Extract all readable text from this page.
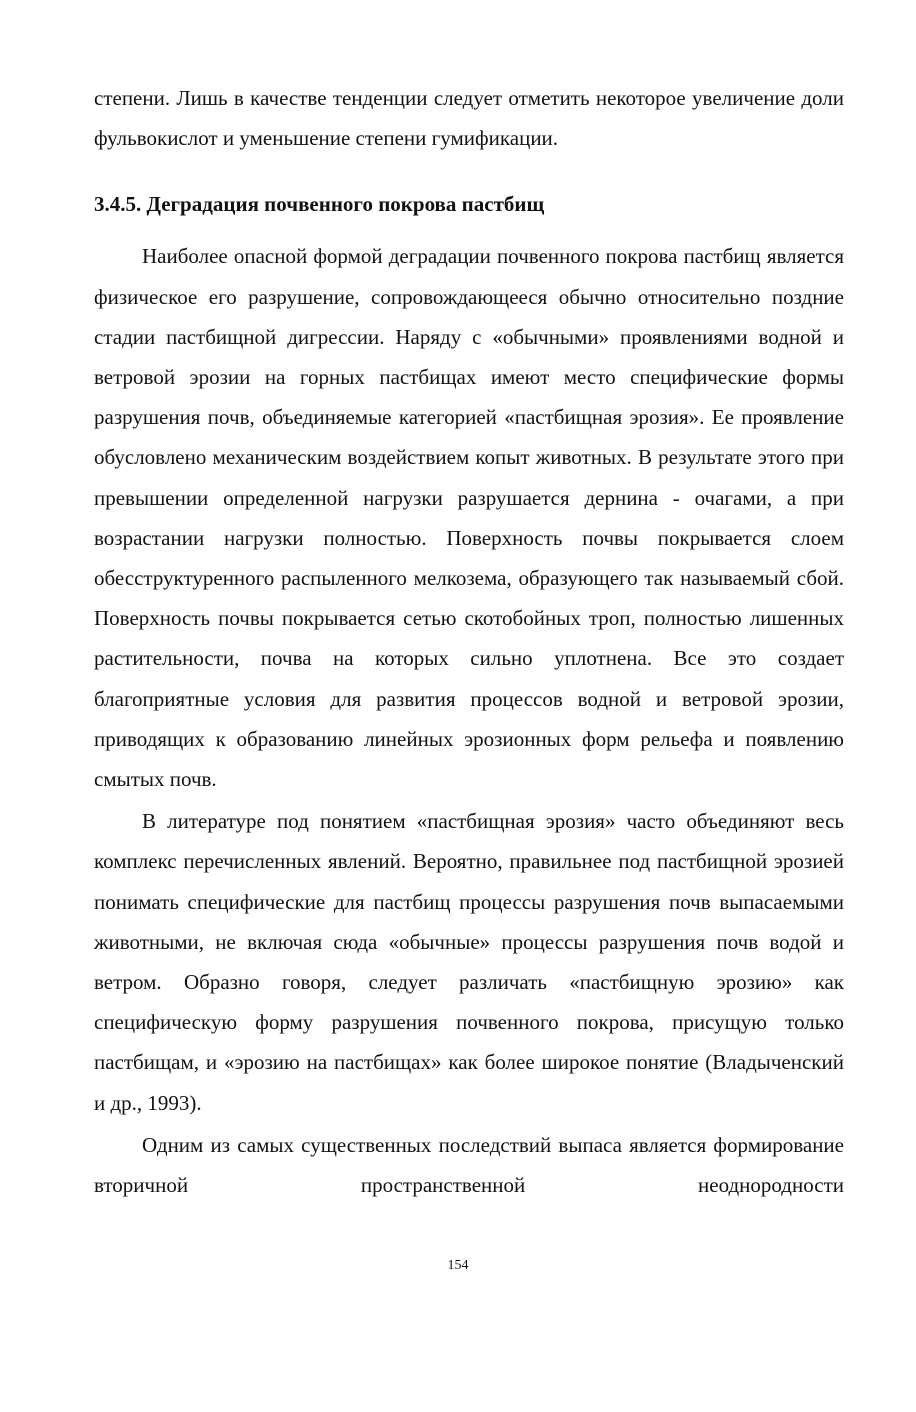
степени. Лишь в качестве тенденции следует отметить некоторое увеличение доли фульвокислот и уменьшение степени гумификации.

3.4.5. Деградация почвенного покрова пастбищ

Наиболее опасной формой деградации почвенного покрова пастбищ является физическое его разрушение, сопровождающееся обычно относительно поздние стадии пастбищной дигрессии. Наряду с «обычными» проявлениями водной и ветровой эрозии на горных пастбищах имеют место специфические формы разрушения почв, объединяемые категорией «пастбищная эрозия». Ее проявление обусловлено механическим воздействием копыт животных. В результате этого при превышении определенной нагрузки разрушается дернина - очагами, а при возрастании нагрузки полностью. Поверхность почвы покрывается слоем обесструктуренного распыленного мелкозема, образующего так называемый сбой. Поверхность почвы покрывается сетью скотобойных троп, полностью лишенных растительности, почва на которых сильно уплотнена. Все это создает благоприятные условия для развития процессов водной и ветровой эрозии, приводящих к образованию линейных эрозионных форм рельефа и появлению смытых почв.

В литературе под понятием «пастбищная эрозия» часто объединяют весь комплекс перечисленных явлений. Вероятно, правильнее под пастбищной эрозией понимать специфические для пастбищ процессы разрушения почв выпасаемыми животными, не включая сюда «обычные» процессы разрушения почв водой и ветром. Образно говоря, следует различать «пастбищную эрозию» как специфическую форму разрушения почвенного покрова, присущую только пастбищам, и «эрозию на пастбищах» как более широкое понятие (Владыченский и др., 1993).

Одним из самых существенных последствий выпаса является формирование вторичной пространственной неоднородности

154
